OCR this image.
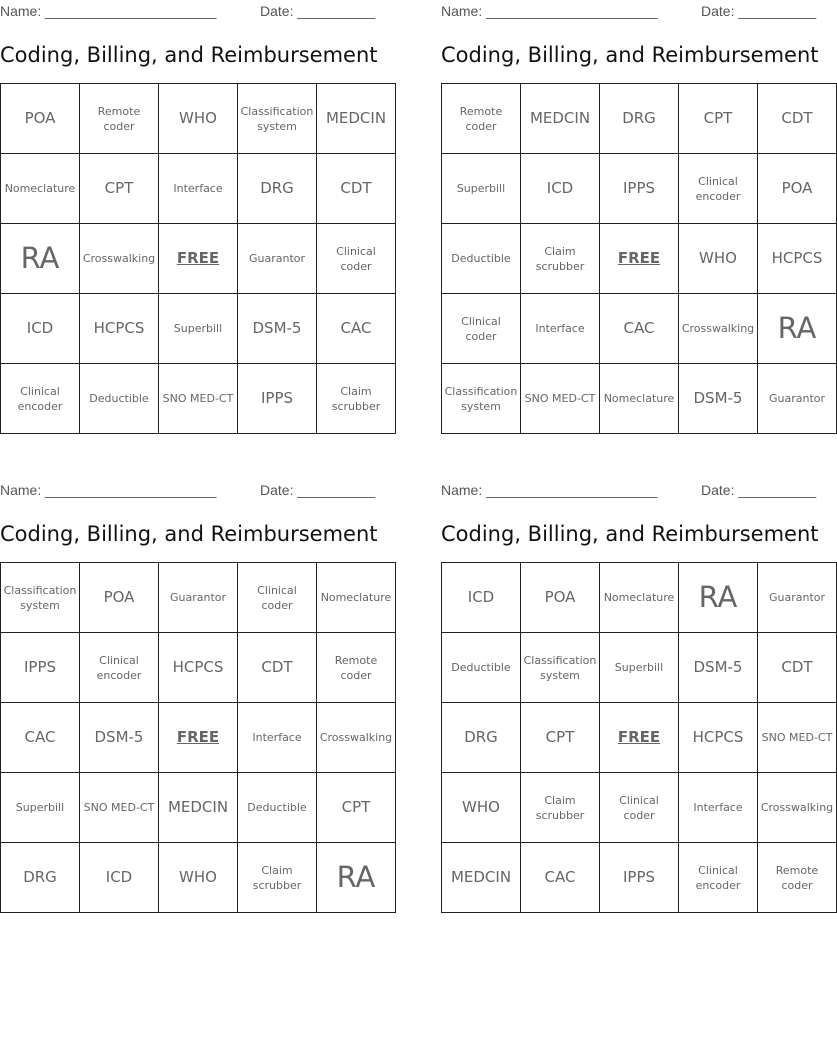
Name: ______________________	Date: __________
Coding, Billing, and Reimbursement
POA	Remote coder	WHO	Classification system	MEDCIN
Nomeclature	CPT	Interface	DRG	CDT
RA	Crosswalking	FREE	Guarantor	Clinical coder
ICD	HCPCS	Superbill	DSM-5	CAC
Clinical encoder	Deductible	SNO MED-CT	IPPS	Claim scrubber
Name: ______________________	Date: __________
Coding, Billing, and Reimbursement
Remote coder	MEDCIN	DRG	CPT	CDT
Superbill	ICD	IPPS	Clinical encoder	POA
Deductible	Claim scrubber	FREE	WHO	HCPCS
Clinical coder	Interface	CAC	Crosswalking	RA
Classification system	SNO MED-CT	Nomeclature	DSM-5	Guarantor
Name: ______________________	Date: __________
Coding, Billing, and Reimbursement
Classification system	POA	Guarantor	Clinical coder	Nomeclature
IPPS	Clinical encoder	HCPCS	CDT	Remote coder
CAC	DSM-5	FREE	Interface	Crosswalking
Superbill	SNO MED-CT	MEDCIN	Deductible	CPT
DRG	ICD	WHO	Claim scrubber	RA
Name: ______________________	Date: __________
Coding, Billing, and Reimbursement
ICD	POA	Nomeclature	RA	Guarantor
Deductible	Classification system	Superbill	DSM-5	CDT
DRG	CPT	FREE	HCPCS	SNO MED-CT
WHO	Claim scrubber	Clinical coder	Interface	Crosswalking
MEDCIN	CAC	IPPS	Clinical encoder	Remote coder
